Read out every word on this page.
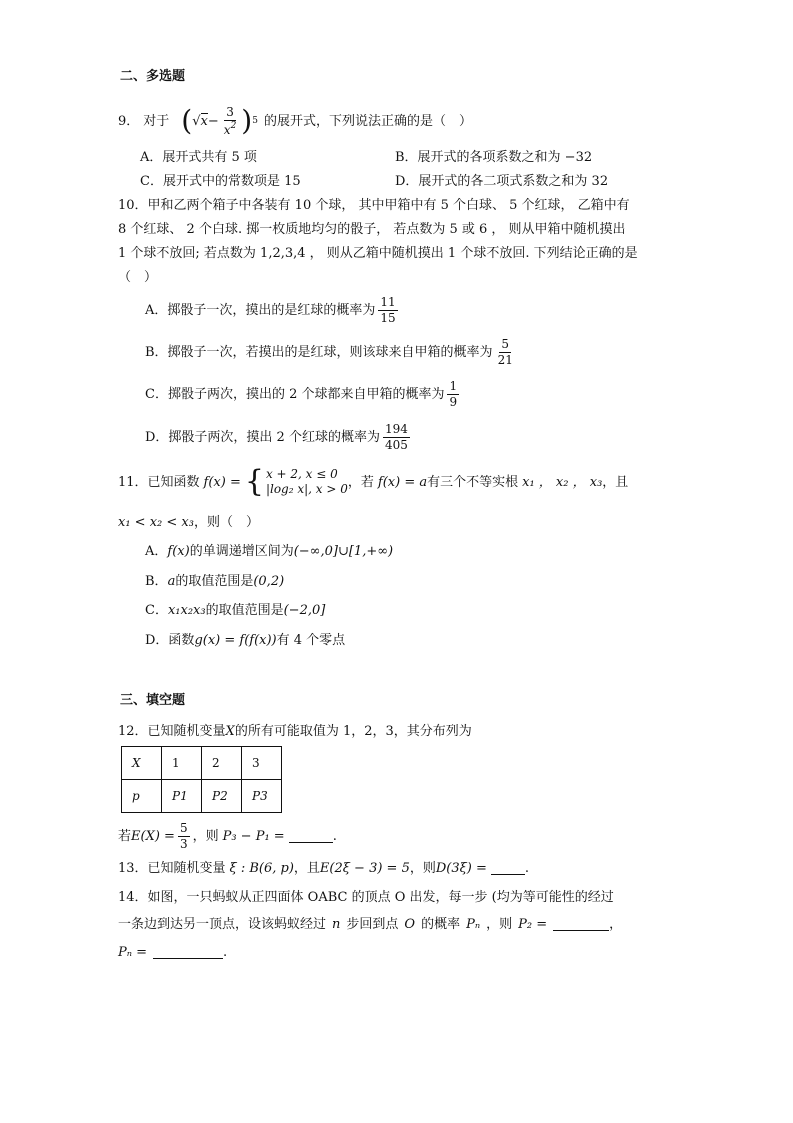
二、多选题
9． 对于 ( $√x - \frac{3}{x^2}$ ) 5 的展开式，下列说法正确的是（　）
A．展开式共有 5 项	B．展开式的各项系数之和为 −32
C．展开式中的常数项是 15	D．展开式的各二项式系数之和为 32
10．甲和乙两个箱子中各装有 10 个球， 其中甲箱中有 5 个白球、 5 个红球， 乙箱中有
8 个红球、 2 个白球. 掷一枚质地均匀的骰子， 若点数为 5 或 6 ， 则从甲箱中随机摸出
1 个球不放回; 若点数为 1,2,3,4 ， 则从乙箱中随机摸出 1 个球不放回. 下列结论正确的是
（　）
A．掷骰子一次，摸出的是红球的概率为 $\frac{11}{15}$
B．掷骰子一次，若摸出的是红球，则该球来自甲箱的概率为 $\frac{5}{21}$
C．掷骰子两次，摸出的 2 个球都来自甲箱的概率为 $\frac{1}{9}$
D．掷骰子两次，摸出 2 个红球的概率为 $\frac{194}{405}$
11．已知函数 f(x) = { x + 2, x ≤ 0
|log₂ x|, x > 0 ，若 f(x) = a 有三个不等实根 x₁ ， x₂ ， x₃ ，且
x₁ < x₂ < x₃，则（　）
A．f(x)的单调递增区间为(−∞,0]∪[1,+∞)
B．a的取值范围是(0,2)
C．x₁x₂x₃的取值范围是(−2,0]
D．函数g(x) = f(f(x))有 4 个零点
三、填空题
12．已知随机变量X的所有可能取值为 1，2，3，其分布列为
X	1	2	3
p	P1	P2	P3
若 $E(X) = \frac{5}{3}$ ，则 P₃ − P₁ =	.
13．已知随机变量 ξ : B(6, p) ，且 E(2ξ − 3) = 5 ，则 D(3ξ) =	.
14．如图，一只蚂蚁从正四面体 OABC 的顶点 O 出发，每一步 (均为等可能性的经过
一条边到达另一顶点，设该蚂蚁经过 n 步回到点 O 的概率 Pₙ ，则 P₂ =	，
Pₙ =	.
